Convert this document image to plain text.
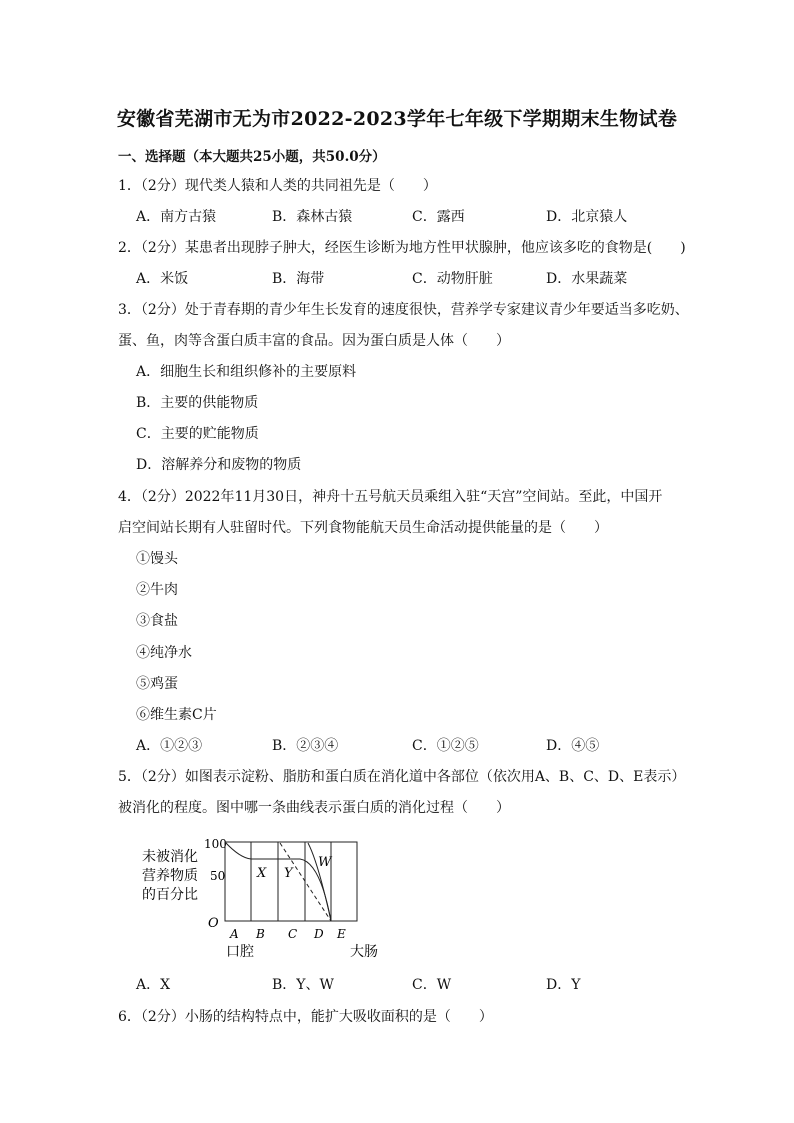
安徽省芜湖市无为市2022-2023学年七年级下学期期末生物试卷
一、选择题（本大题共25小题，共50.0分）
1．（2分）现代类人猿和人类的共同祖先是（　　）
A．南方古猿	B．森林古猿	C．露西	D．北京猿人
2．（2分）某患者出现脖子肿大，经医生诊断为地方性甲状腺肿，他应该多吃的食物是(　　)
A．米饭	B．海带	C．动物肝脏	D．水果蔬菜
3．（2分）处于青春期的青少年生长发育的速度很快，营养学专家建议青少年要适当多吃奶、
蛋、鱼，肉等含蛋白质丰富的食品。因为蛋白质是人体（　　）
A．细胞生长和组织修补的主要原料
B．主要的供能物质
C．主要的贮能物质
D．溶解养分和废物的物质
4．（2分）2022年11月30日，神舟十五号航天员乘组入驻“天宫”空间站。至此，中国开
启空间站长期有人驻留时代。下列食物能航天员生命活动提供能量的是（　　）
①馒头
②牛肉
③食盐
④纯净水
⑤鸡蛋
⑥维生素C片
A．①②③	B．②③④	C．①②⑤	D．④⑤
5．（2分）如图表示淀粉、脂肪和蛋白质在消化道中各部位（依次用A、B、C、D、E表示）
被消化的程度。图中哪一条曲线表示蛋白质的消化过程（　　）
未被消化
营养物质
的百分比
100
50
O
X Y
W
A B C D E
口腔	大肠
A．X	B．Y、W	C．W	D．Y
6．（2分）小肠的结构特点中，能扩大吸收面积的是（　　）
